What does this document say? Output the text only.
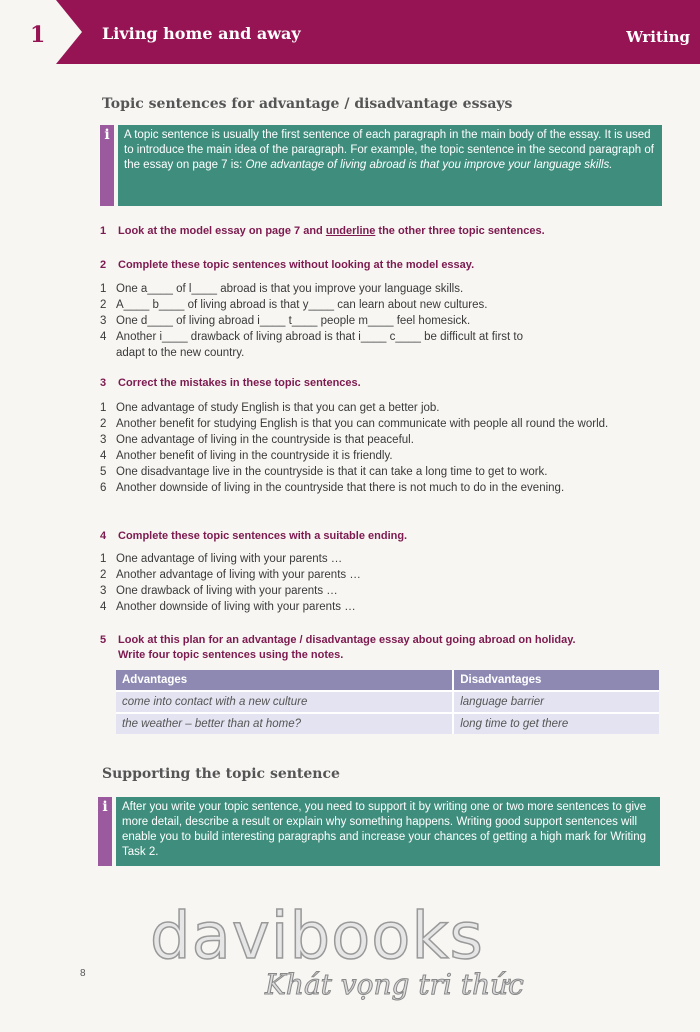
1	Living home and away	Writing
Topic sentences for advantage / disadvantage essays
i	A topic sentence is usually the first sentence of each paragraph in the main body of the essay. It is used to introduce the main idea of the paragraph. For example, the topic sentence in the second paragraph of the essay on page 7 is: One advantage of living abroad is that you improve your language skills.
1 Look at the model essay on page 7 and underline the other three topic sentences.
2 Complete these topic sentences without looking at the model essay.
1 One a____ of l____ abroad is that you improve your language skills.
2 A____ b____ of living abroad is that y____ can learn about new cultures.
3 One d____ of living abroad i____ t____ people m____ feel homesick.
4 Another i____ drawback of living abroad is that i____ c____ be difficult at first to adapt to the new country.
3 Correct the mistakes in these topic sentences.
1 One advantage of study English is that you can get a better job.
2 Another benefit for studying English is that you can communicate with people all round the world.
3 One advantage of living in the countryside is that peaceful.
4 Another benefit of living in the countryside it is friendly.
5 One disadvantage live in the countryside is that it can take a long time to get to work.
6 Another downside of living in the countryside that there is not much to do in the evening.
4 Complete these topic sentences with a suitable ending.
1 One advantage of living with your parents …
2 Another advantage of living with your parents …
3 One drawback of living with your parents …
4 Another downside of living with your parents …
5 Look at this plan for an advantage / disadvantage essay about going abroad on holiday.
Write four topic sentences using the notes.
Advantages	Disadvantages
come into contact with a new culture	language barrier
the weather – better than at home?	long time to get there
Supporting the topic sentence
i	After you write your topic sentence, you need to support it by writing one or two more sentences to give more detail, describe a result or explain why something happens. Writing good support sentences will enable you to build interesting paragraphs and increase your chances of getting a high mark for Writing Task 2.
davibooks
Khát vọng tri thức
8
